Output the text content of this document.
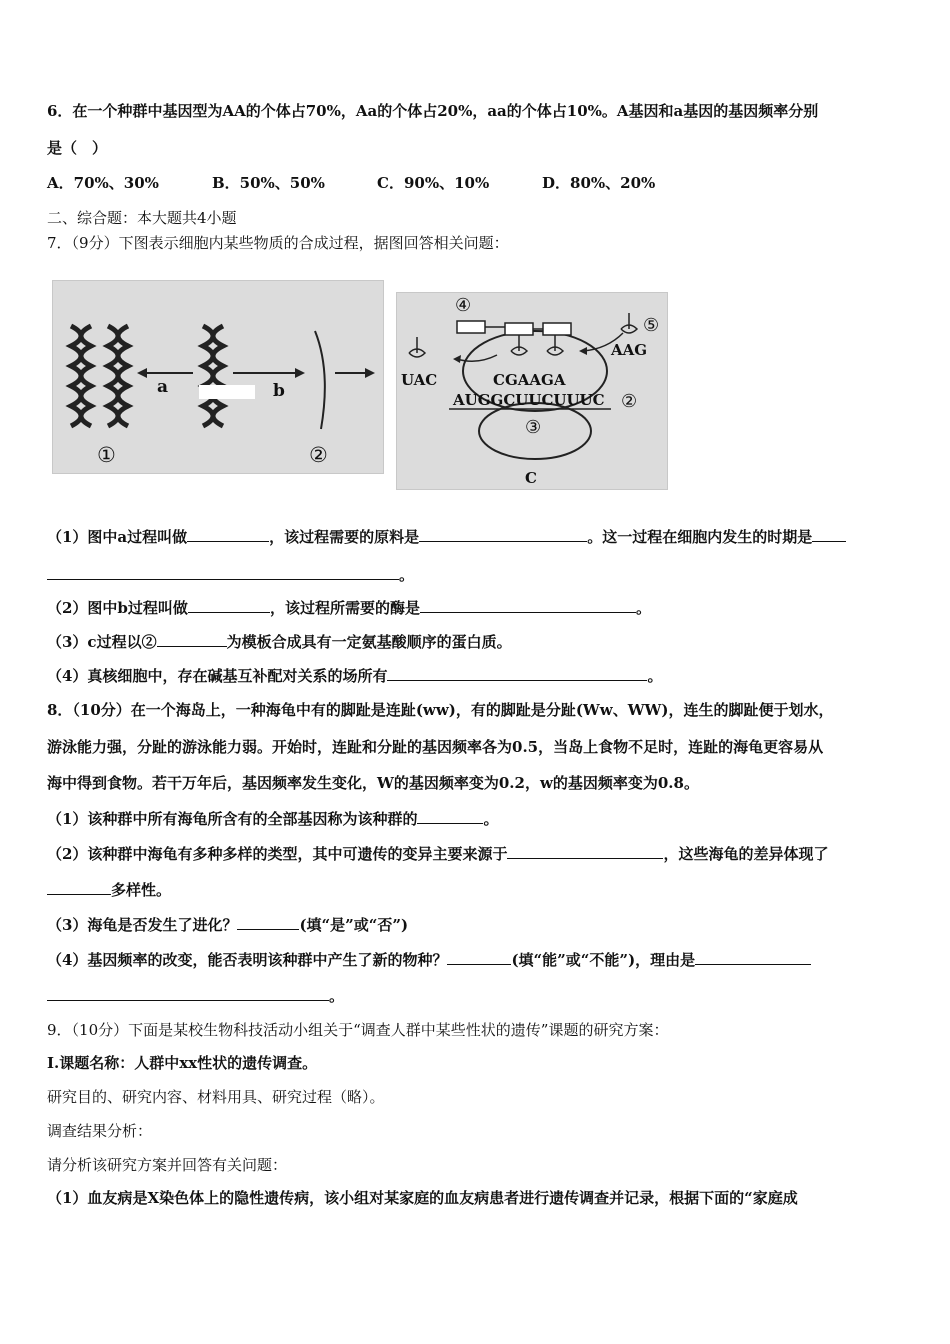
6．在一个种群中基因型为AA的个体占70%，Aa的个体占20%，aa的个体占10%。A基因和a基因的基因频率分别
是（　）
A．70%、30%	B．50%、50%	C．90%、10%	D．80%、20%
二、综合题：本大题共4小题
7．（9分）下图表示细胞内某些物质的合成过程，据图回答相关问题：
a	b
①	②
④
⑤
UAC
AAG
CGAAGA
AUGGCUUCUUUC ②
③
C
（1）图中a过程叫做	，该过程需要的原料是	。这一过程在细胞内发生的时期是
。
（2）图中b过程叫做	，该过程所需要的酶是	。
（3）c过程以②	为模板合成具有一定氨基酸顺序的蛋白质。
（4）真核细胞中，存在碱基互补配对关系的场所有	。
8．（10分）在一个海岛上，一种海龟中有的脚趾是连趾(ww)，有的脚趾是分趾(Ww、WW)，连生的脚趾便于划水，
游泳能力强，分趾的游泳能力弱。开始时，连趾和分趾的基因频率各为0.5，当岛上食物不足时，连趾的海龟更容易从
海中得到食物。若干万年后，基因频率发生变化，W的基因频率变为0.2，w的基因频率变为0.8。
（1）该种群中所有海龟所含有的全部基因称为该种群的	。
（2）该种群中海龟有多种多样的类型，其中可遗传的变异主要来源于	，这些海龟的差异体现了
多样性。
（3）海龟是否发生了进化？	(填“是”或“否”)
（4）基因频率的改变，能否表明该种群中产生了新的物种？	(填“能”或“不能”)，理由是
。
9．（10分）下面是某校生物科技活动小组关于“调查人群中某些性状的遗传”课题的研究方案：
I.课题名称：人群中xx性状的遗传调查。
研究目的、研究内容、材料用具、研究过程（略）。
调查结果分析：
请分析该研究方案并回答有关问题：
（1）血友病是X染色体上的隐性遗传病，该小组对某家庭的血友病患者进行遗传调查并记录，根据下面的“家庭成
